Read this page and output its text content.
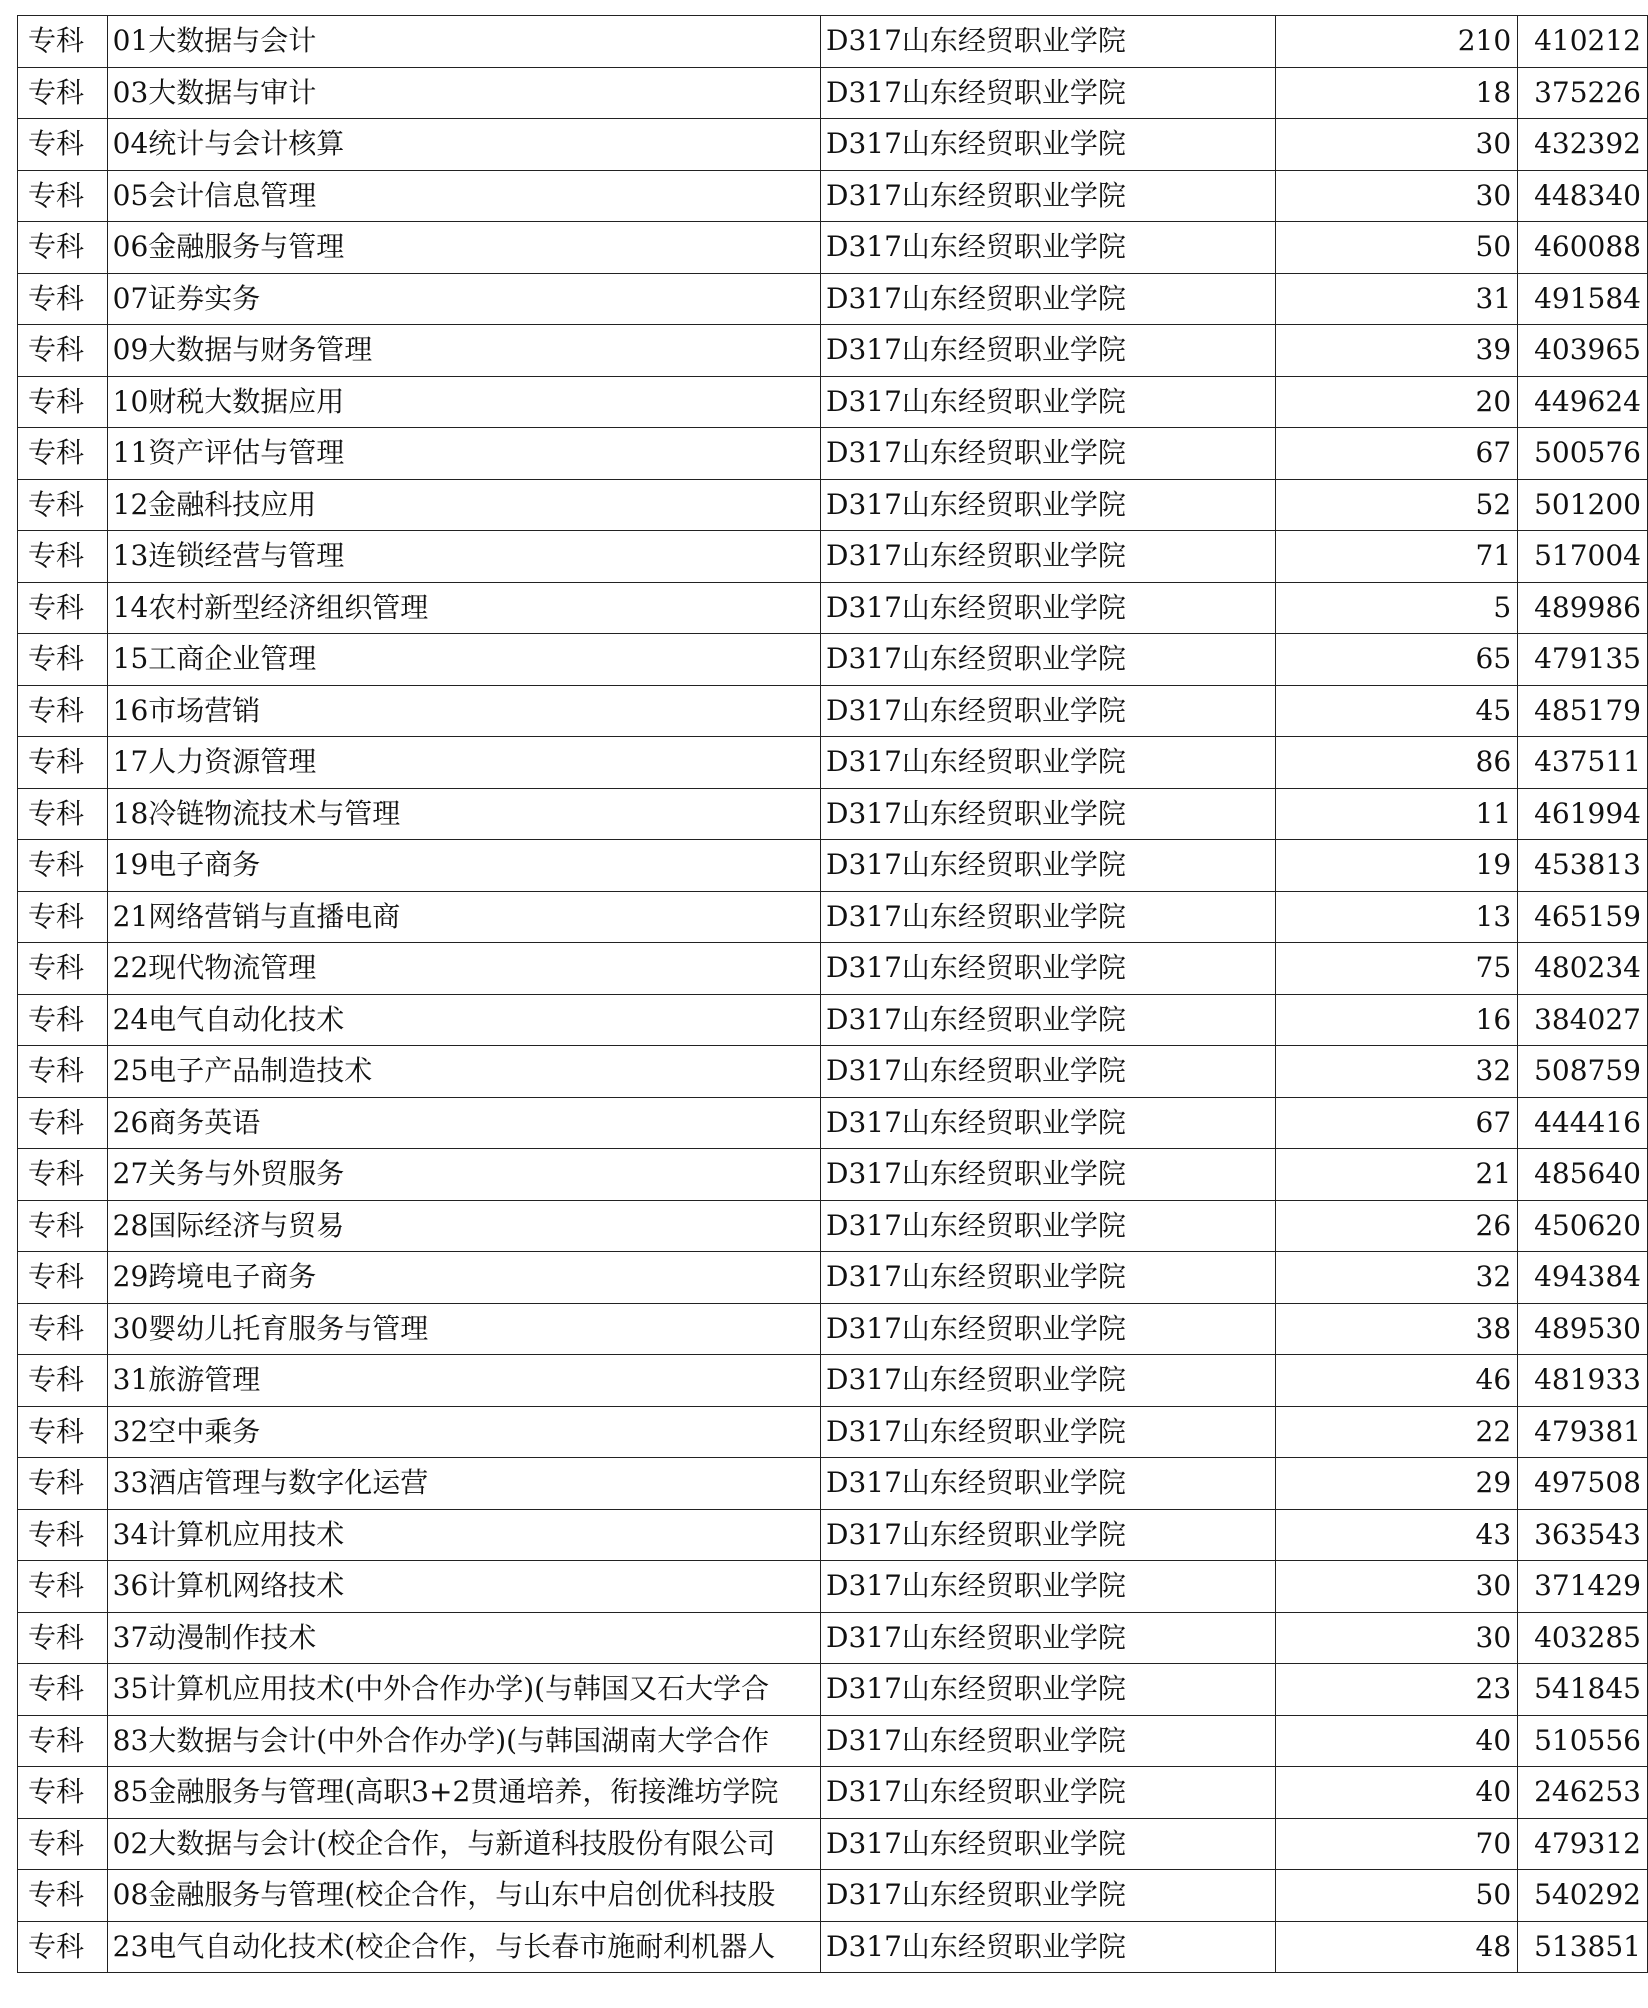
专科	01大数据与会计	D317山东经贸职业学院	210	410212
专科	03大数据与审计	D317山东经贸职业学院	18	375226
专科	04统计与会计核算	D317山东经贸职业学院	30	432392
专科	05会计信息管理	D317山东经贸职业学院	30	448340
专科	06金融服务与管理	D317山东经贸职业学院	50	460088
专科	07证券实务	D317山东经贸职业学院	31	491584
专科	09大数据与财务管理	D317山东经贸职业学院	39	403965
专科	10财税大数据应用	D317山东经贸职业学院	20	449624
专科	11资产评估与管理	D317山东经贸职业学院	67	500576
专科	12金融科技应用	D317山东经贸职业学院	52	501200
专科	13连锁经营与管理	D317山东经贸职业学院	71	517004
专科	14农村新型经济组织管理	D317山东经贸职业学院	5	489986
专科	15工商企业管理	D317山东经贸职业学院	65	479135
专科	16市场营销	D317山东经贸职业学院	45	485179
专科	17人力资源管理	D317山东经贸职业学院	86	437511
专科	18冷链物流技术与管理	D317山东经贸职业学院	11	461994
专科	19电子商务	D317山东经贸职业学院	19	453813
专科	21网络营销与直播电商	D317山东经贸职业学院	13	465159
专科	22现代物流管理	D317山东经贸职业学院	75	480234
专科	24电气自动化技术	D317山东经贸职业学院	16	384027
专科	25电子产品制造技术	D317山东经贸职业学院	32	508759
专科	26商务英语	D317山东经贸职业学院	67	444416
专科	27关务与外贸服务	D317山东经贸职业学院	21	485640
专科	28国际经济与贸易	D317山东经贸职业学院	26	450620
专科	29跨境电子商务	D317山东经贸职业学院	32	494384
专科	30婴幼儿托育服务与管理	D317山东经贸职业学院	38	489530
专科	31旅游管理	D317山东经贸职业学院	46	481933
专科	32空中乘务	D317山东经贸职业学院	22	479381
专科	33酒店管理与数字化运营	D317山东经贸职业学院	29	497508
专科	34计算机应用技术	D317山东经贸职业学院	43	363543
专科	36计算机网络技术	D317山东经贸职业学院	30	371429
专科	37动漫制作技术	D317山东经贸职业学院	30	403285
专科	35计算机应用技术(中外合作办学)(与韩国又石大学合	D317山东经贸职业学院	23	541845
专科	83大数据与会计(中外合作办学)(与韩国湖南大学合作	D317山东经贸职业学院	40	510556
专科	85金融服务与管理(高职3+2贯通培养，衔接潍坊学院	D317山东经贸职业学院	40	246253
专科	02大数据与会计(校企合作，与新道科技股份有限公司	D317山东经贸职业学院	70	479312
专科	08金融服务与管理(校企合作，与山东中启创优科技股	D317山东经贸职业学院	50	540292
专科	23电气自动化技术(校企合作，与长春市施耐利机器人	D317山东经贸职业学院	48	513851
